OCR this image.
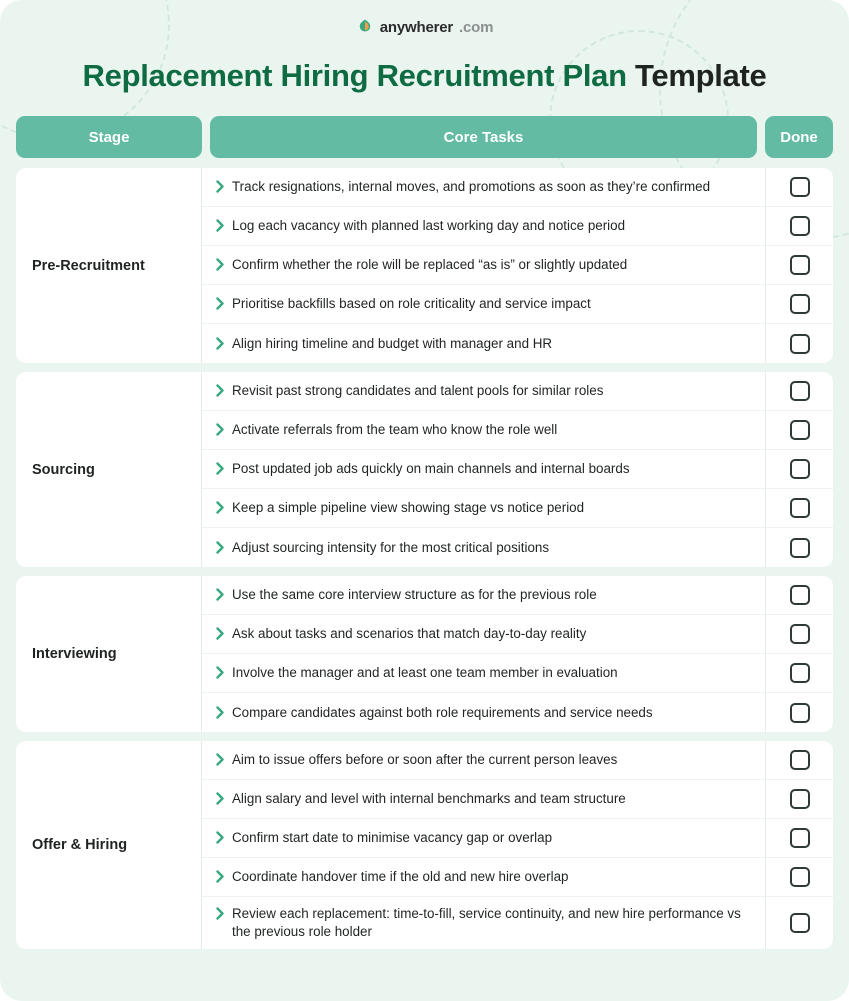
anywherer .com
Replacement Hiring Recruitment Plan Template
Stage	Core Tasks	Done
Pre-Recruitment
Track resignations, internal moves, and promotions as soon as they’re confirmed
Log each vacancy with planned last working day and notice period
Confirm whether the role will be replaced “as is” or slightly updated
Prioritise backfills based on role criticality and service impact
Align hiring timeline and budget with manager and HR
Sourcing
Revisit past strong candidates and talent pools for similar roles
Activate referrals from the team who know the role well
Post updated job ads quickly on main channels and internal boards
Keep a simple pipeline view showing stage vs notice period
Adjust sourcing intensity for the most critical positions
Interviewing
Use the same core interview structure as for the previous role
Ask about tasks and scenarios that match day-to-day reality
Involve the manager and at least one team member in evaluation
Compare candidates against both role requirements and service needs
Offer & Hiring
Aim to issue offers before or soon after the current person leaves
Align salary and level with internal benchmarks and team structure
Confirm start date to minimise vacancy gap or overlap
Coordinate handover time if the old and new hire overlap
Review each replacement: time-to-fill, service continuity, and new hire performance vs the previous role holder
